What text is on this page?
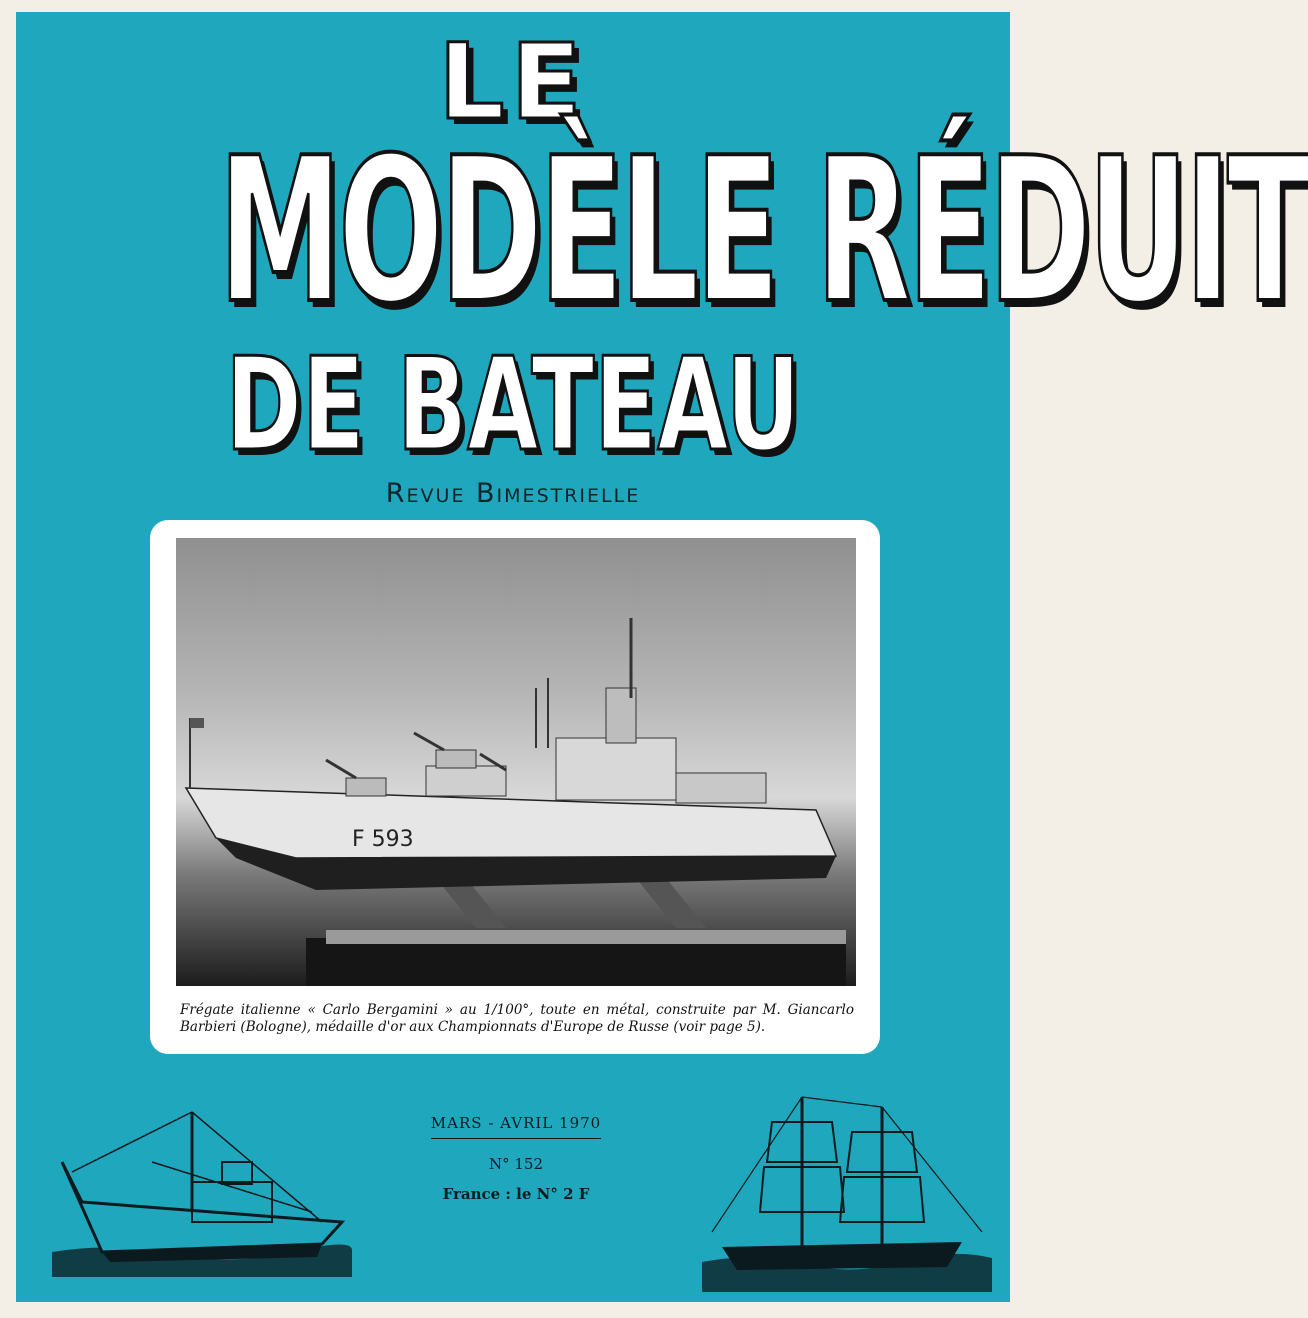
LE
MODÈLE RÉDUIT
DE BATEAU
Revue Bimestrielle
F 593
Frégate italienne « Carlo Bergamini » au 1/100°, toute en métal, construite par M. Giancarlo Barbieri (Bologne), médaille d'or aux Championnats d'Europe de Russe (voir page 5).
MARS - AVRIL 1970
N° 152
France : le N° 2 F
